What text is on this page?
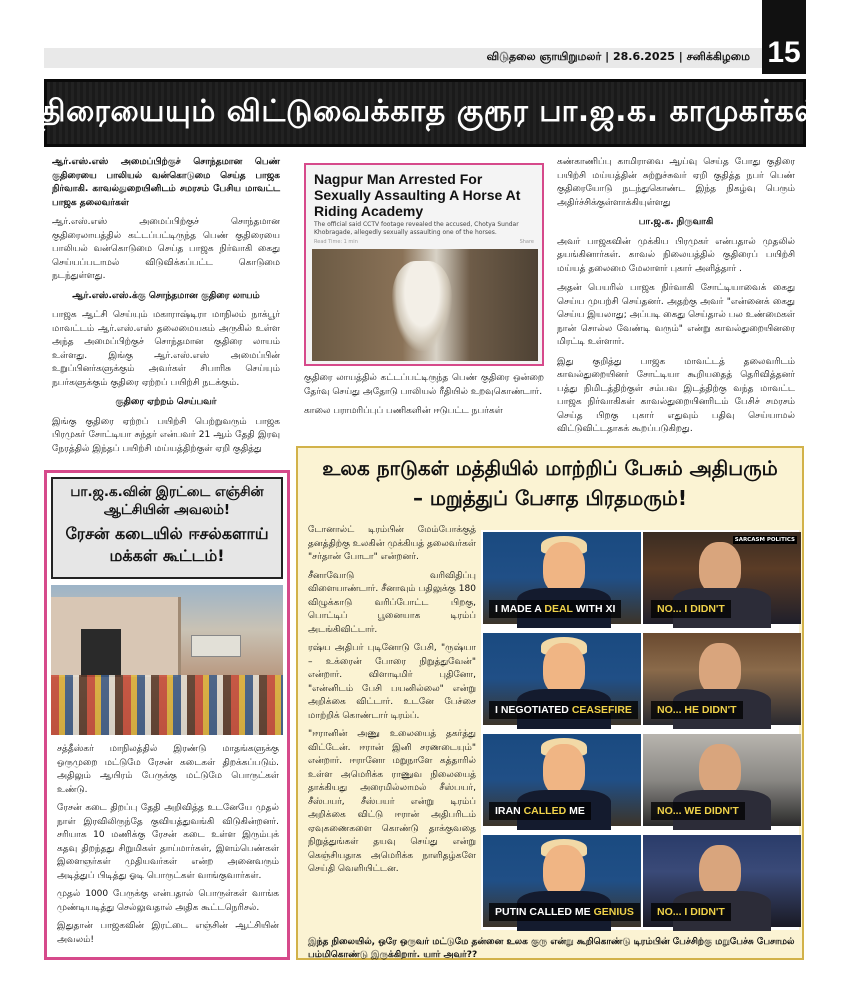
விடுதலை ஞாயிறுமலர் | 28.6.2025 | சனிக்கிழமை 15
குதிரையையும் விட்டுவைக்காத குரூர பா.ஜ.க. காமுகர்கள்!

ஆர்.எஸ்.எஸ் அமைப்பிற்குச் சொந்தமான பெண் குதிரையை பாலியல் வன்கொடுமை செய்த பாஜக நிர்வாகி. காவல்துறையினிடம் சமரசம் பேசிய மாவட்ட பாஜக தலைவர்கள்

ஆர்.எஸ்.எஸ் அமைப்பிற்குச் சொந்தமான குதிரைலாயத்தில் கட்டப்பட்டிருந்த பெண் குதிரையை பாலியல் வன்கொடுமை செய்த பாஜக நிர்வாகி கைது செய்யப்படாமல் விடுவிக்கப்பட்ட கொடுமை நடந்துள்ளது.

ஆர்.எஸ்.எஸ்.க்கு சொந்தமான குதிரை லாயம்

பாஜக ஆட்சி செய்யும் மகாராஷ்டிரா மாநிலம் நாக்பூர் மாவட்டம் ஆர்.எஸ்.எஸ் தலைமையகம் அருகில் உள்ள அந்த அமைப்பிற்குச் சொந்தமான குதிரை லாயம் உள்ளது. இங்கு ஆர்.எஸ்.எஸ் அமைப்பின் உறுப்பினர்களுக்கும் அவர்கள் சிபாரிசு செய்யும் நபர்களுக்கும் குதிரை ஏற்றப் பயிற்சி நடக்கும்.

குதிரை ஏற்றம் செய்பவர்

இங்கு குதிரை ஏற்றப் பயிற்சி பெற்றுவரும் பாஜக பிரமுகர் சோட்டியா சுந்தர் என்பவர் 21 ஆம் தேதி இரவு நேரத்தில் இந்தப் பயிற்சி மய்யத்திற்குள் ஏறி குதித்து

Nagpur Man Arrested For Sexually Assaulting A Horse At Riding Academy
The official said CCTV footage revealed the accused, Chotya Sundar Khobragade, allegedly sexually assaulting one of the horses.
Read Time: 1 min	Share

குதிரை லாயத்தில் கட்டப்பட்டிருந்த பெண் குதிரை ஒன்றை தேர்வு செய்து அதோடு பாலியல் ரீதியில் உறவுகொண்டார்.

காலை பராமரிப்புப் பணிகளின் ஈடுபட்ட நபர்கள்

கண்காணிப்பு காமிராவை ஆய்வு செய்த போது குதிரை பயிற்சி மய்யத்தின் சுற்றுச்சுவர் ஏறி குதித்த நபர் பெண் குதிரையோடு நடந்துகொண்ட இந்த நிகழ்வு பெரும் அதிர்ச்சிக்குள்ளாக்கியுள்ளது

பா.ஜ.க. நிருவாகி

அவர் பாஜகவின் முக்கிய பிரமுகர் என்பதால் முதலில் தயங்கினார்கள். காவல் நிலையத்தில் குதிரைப் பயிற்சி மய்யத் தலைமை மேலாளர் புகார் அளித்தார் .

அதன் பெயரில் பாஜக நிர்வாகி சோட்டியாவைக் கைது செய்ய முயற்சி செய்தனர். அதற்கு அவர் "என்னைக் கைது செய்ய இயலாது; அப்படி கைது செய்தால் பல உண்மைகள் நான் சொல்ல வேண்டி வரும்" என்று காவல்துறையினரை மிரட்டி உள்ளார்.

இது குறித்து பாஜக மாவட்டத் தலைவரிடம் காவல்துறையினர் சோட்டியா கூறியதைத் தெரிவித்தனர் பத்து நிமிடத்திற்குள் சம்பவ இடத்திற்கு வந்த மாவட்ட பாஜக நிர்வாகிகள் காவல்துறையினரிடம் பேசிச் சமரசம் செய்த பிறகு புகார் எதுவும் பதிவு செய்யாமல் விட்டுவிட்டதாகக் கூறப்படுகிறது.

பா.ஜ.க.வின் இரட்டை எஞ்சின் ஆட்சியின் அவலம்!
ரேசன் கடையில் ஈசல்களாய் மக்கள் கூட்டம்!

சத்தீஸ்கர் மாநிலத்தில் இரண்டு மாதங்களுக்கு ஒருமுறை மட்டுமே ரேசன் கடைகள் திறக்கப்படும். அதிலும் ஆயிரம் பேருக்கு மட்டுமே பொருட்கள் உண்டு.

ரேசன் கடை திறப்பு தேதி அறிவித்த உடனேயே முதல் நாள் இரவிலிருந்தே குவியத்துவங்கி விடுகின்றனர். சரியாக 10 மணிக்கு ரேசன் கடை உள்ள இரும்புக் கதவு திறந்தது சிறுமிகள் தாய்மார்கள், இளம்பெண்கள் இளைஞர்கள் முதியவர்கள் என்ற அனைவரும் அடித்துப் பிடித்து ஓடி பொருட்கள் வாங்குவார்கள்.

முதல் 1000 பேருக்கு என்பதால் பொருள்கள் வாங்க முண்டியடித்து செல்லுவதால் அதிக கூட்டநெரிசல்.

இதுதான் பாஜகவின் இரட்டை எஞ்சின் ஆட்சியின் அவலம்!

உலக நாடுகள் மத்தியில் மாற்றிப் பேசும் அதிபரும்
– மறுத்துப் பேசாத பிரதமரும்!

டோனால்ட் டிரம்பின் மேம்போக்குத் தனத்திற்கு உலகின் முக்கியத் தலைவர்கள் "சர்தான் போடா" என்றனர்.

சீனாவோடு வரிவிதிப்பு விளையாண்டார். சீனாவும் பதிலுக்கு 180 விழுக்காடு வரிப்போட்ட பிறகு, பொட்டிப் பூனையாக டிரம்ப் அடங்கிவிட்டார்.

ரஷ்ய அதிபர் புடினோடு பேசி, "ருஷ்யா – உக்ரைன் போரை நிறுத்துவேன்" என்றார். விளாடிமிர் புதினோ, "என்னிடம் பேசி பயனில்லை" என்று அறிக்கை விட்டார். உடனே பேச்சை மாற்றிக் கொண்டார் டிரம்ப்.

"ஈரானின் அணு உலையைத் தகர்த்து விட்டேன். ஈரான் இனி சரணடையும்" என்றார். ஈரானோ மறுநாளே கத்தாரில் உள்ள அமெரிக்க ராணுவ நிலையைத் தாக்கியது அரைமில்லாமல் சீஸ்பயர், சீஸ்பயர், சீஸ்பயர் என்று டிரம்ப் அறிக்கை விட்டு ஈரான் அதிபரிடம் ஏவுகணைகளை கொண்டு தாக்குவதை நிறுத்துங்கள் தயவு செய்து என்று கெஞ்சியதாக அமெரிக்க நாளிதழ்களே செய்தி வெளியிட்டன.

I MADE A DEAL WITH XI
SARCASM POLITICS
NO... I DIDN'T
I NEGOTIATED CEASEFIRE	NO... HE DIDN'T
IRAN CALLED ME	NO... WE DIDN'T
PUTIN CALLED ME GENIUS	NO... I DIDN'T
இந்த நிலையில், ஒரே ஒருவர் மட்டுமே தன்னை உலக குரு என்று கூறிகொண்டு டிரம்பின் பேச்சிற்கு மறுபேச்சு பேசாமல் பம்மிகொண்டு இருக்கிறார். யார் அவர்??
